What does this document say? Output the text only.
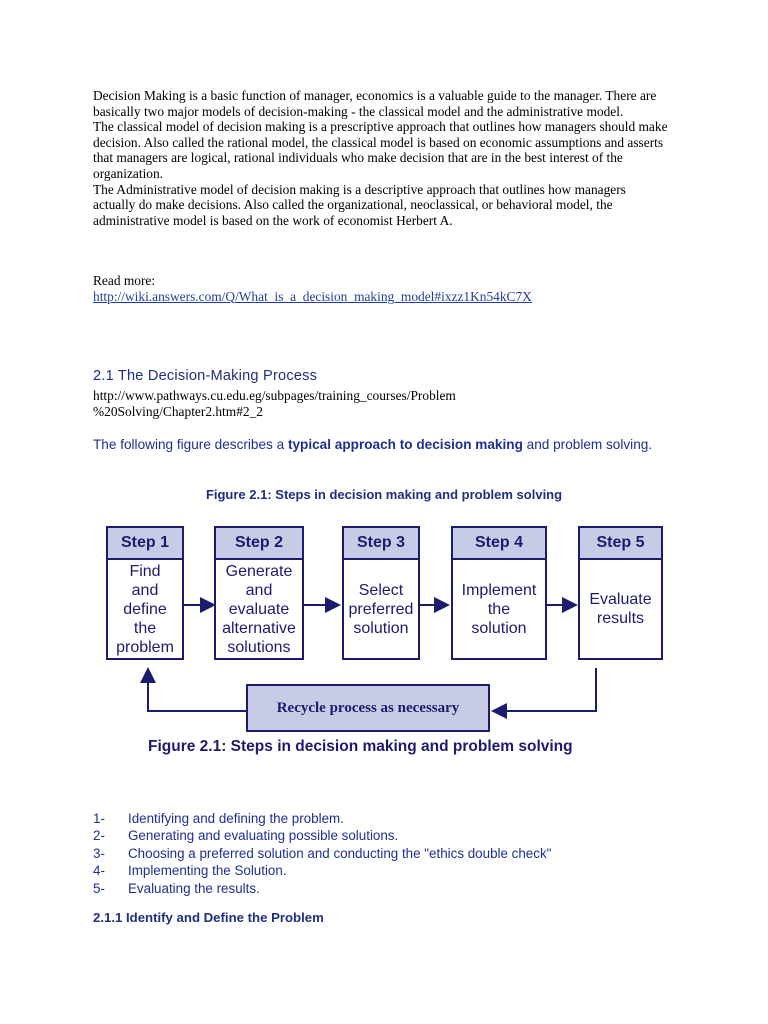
Decision Making is a basic function of manager, economics is a valuable guide to the manager. There are basically two major models of decision-making - the classical model and the administrative model.

The classical model of decision making is a prescriptive approach that outlines how managers should make decision. Also called the rational model, the classical model is based on economic assumptions and asserts that managers are logical, rational individuals who make decision that are in the best interest of the organization.

The Administrative model of decision making is a descriptive approach that outlines how managers actually do make decisions. Also called the organizational, neoclassical, or behavioral model, the administrative model is based on the work of economist Herbert A.

Read more:
http://wiki.answers.com/Q/What_is_a_decision_making_model#ixzz1Kn54kC7X
2.1 The Decision-Making Process
http://www.pathways.cu.edu.eg/subpages/training_courses/Problem
%20Solving/Chapter2.htm#2_2
The following figure describes a typical approach to decision making and problem solving.
Figure 2.1: Steps in decision making and problem solving
Step 1
Find
and
define
the
problem
Step 2
Generate
and
evaluate
alternative
solutions
Step 3
Select
preferred
solution
Step 4
Implement
the
solution
Step 5
Evaluate
results
Recycle process as necessary
Figure 2.1: Steps in decision making and problem solving
1-	Identifying and defining the problem.
2-	Generating and evaluating possible solutions.
3-	Choosing a preferred solution and conducting the "ethics double check"
4-	Implementing the Solution.
5-	Evaluating the results.
2.1.1 Identify and Define the Problem
